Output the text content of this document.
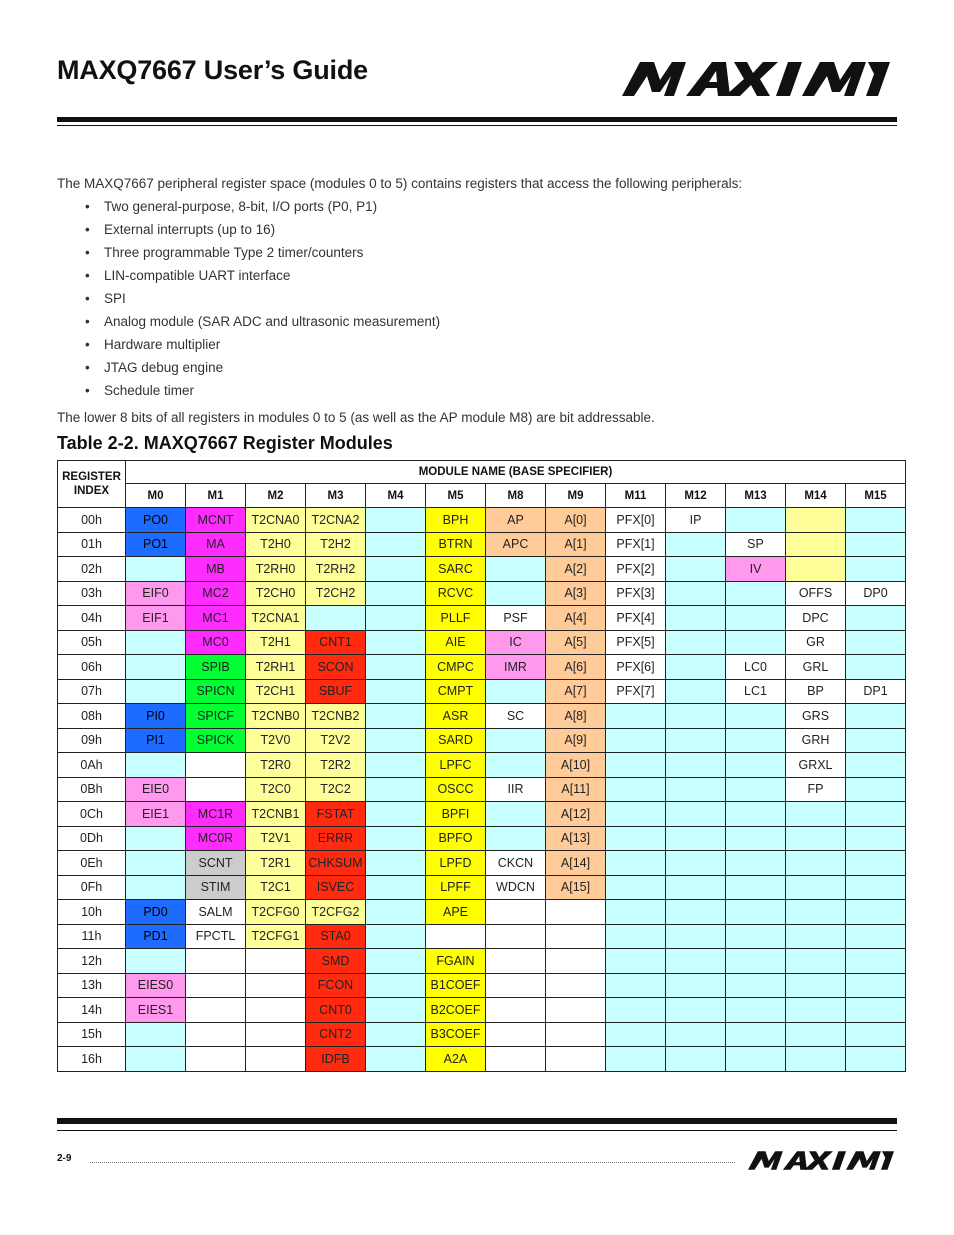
MAXQ7667 User’s Guide

The MAXQ7667 peripheral register space (modules 0 to 5) contains registers that access the following peripherals:

• Two general-purpose, 8-bit, I/O ports (P0, P1)
• External interrupts (up to 16)
• Three programmable Type 2 timer/counters
• LIN-compatible UART interface
• SPI
• Analog module (SAR ADC and ultrasonic measurement)
• Hardware multiplier
• JTAG debug engine
• Schedule timer

The lower 8 bits of all registers in modules 0 to 5 (as well as the AP module M8) are bit addressable.

Table 2-2. MAXQ7667 Register Modules
REGISTER INDEX	MODULE NAME (BASE SPECIFIER)												
	M0	M1	M2	M3	M4	M5	M8	M9	M11	M12	M13	M14	M15
00h	PO0	MCNT	T2CNA0	T2CNA2		BPH	AP	A[0]	PFX[0]	IP			
01h	PO1	MA	T2H0	T2H2		BTRN	APC	A[1]	PFX[1]		SP		
02h		MB	T2RH0	T2RH2		SARC		A[2]	PFX[2]		IV		
03h	EIF0	MC2	T2CH0	T2CH2		RCVC		A[3]	PFX[3]			OFFS	DP0
04h	EIF1	MC1	T2CNA1			PLLF	PSF	A[4]	PFX[4]			DPC	
05h		MC0	T2H1	CNT1		AIE	IC	A[5]	PFX[5]			GR	
06h		SPIB	T2RH1	SCON		CMPC	IMR	A[6]	PFX[6]		LC0	GRL	
07h		SPICN	T2CH1	SBUF		CMPT		A[7]	PFX[7]		LC1	BP	DP1
08h	PI0	SPICF	T2CNB0	T2CNB2		ASR	SC	A[8]				GRS	
09h	PI1	SPICK	T2V0	T2V2		SARD		A[9]				GRH	
0Ah			T2R0	T2R2		LPFC		A[10]				GRXL	
0Bh	EIE0		T2C0	T2C2		OSCC	IIR	A[11]				FP	
0Ch	EIE1	MC1R	T2CNB1	FSTAT		BPFI		A[12]					
0Dh		MC0R	T2V1	ERRR		BPFO		A[13]					
0Eh		SCNT	T2R1	CHKSUM		LPFD	CKCN	A[14]					
0Fh		STIM	T2C1	ISVEC		LPFF	WDCN	A[15]					
10h	PD0	SALM	T2CFG0	T2CFG2		APE							
11h	PD1	FPCTL	T2CFG1	STA0									
12h				SMD		FGAIN							
13h	EIES0			FCON		B1COEF							
14h	EIES1			CNT0		B2COEF							
15h				CNT2		B3COEF							
16h				IDFB		A2A							
2-9
